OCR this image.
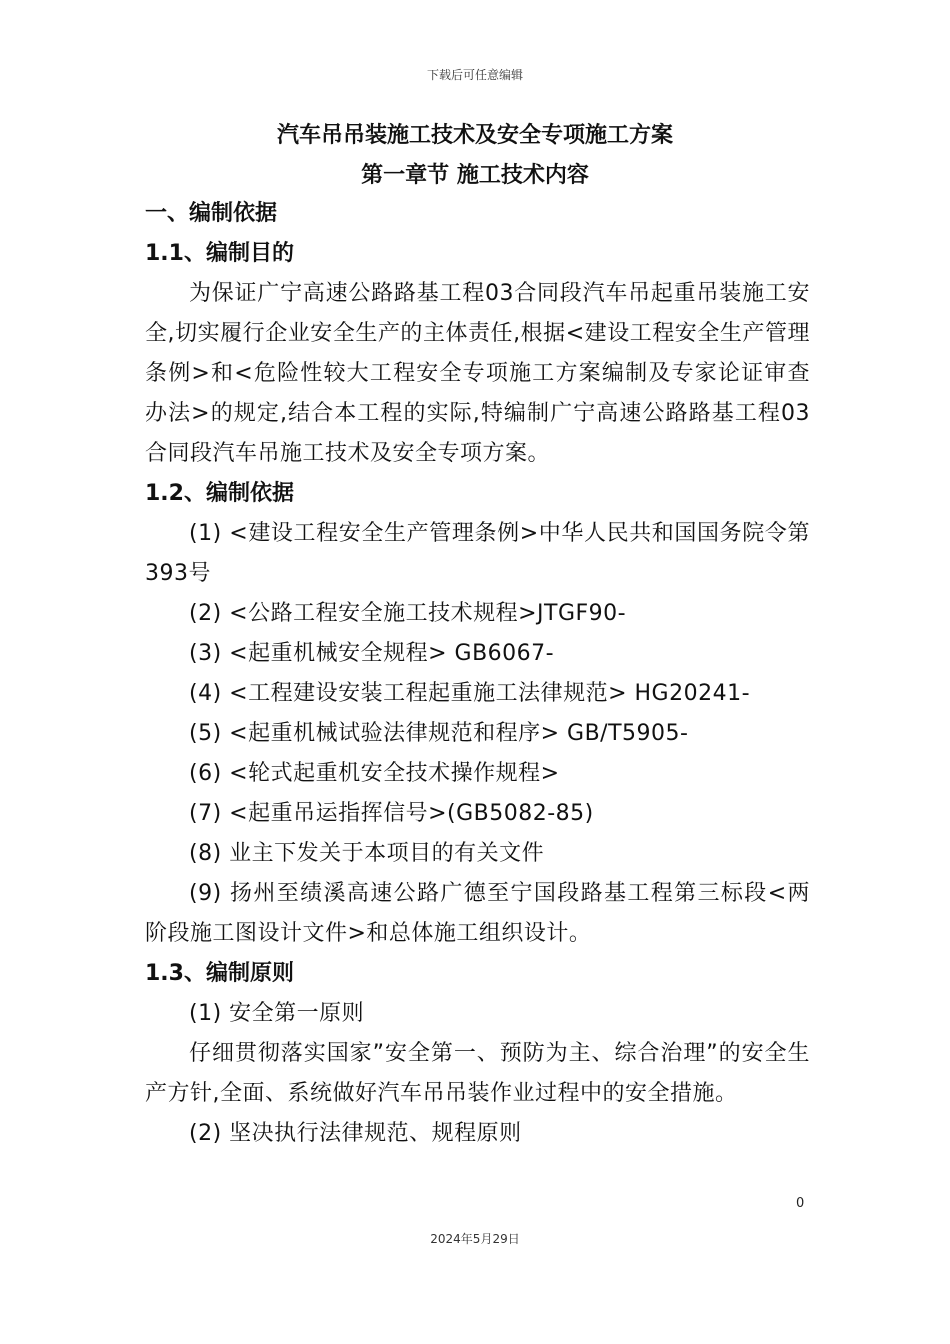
下载后可任意编辑
汽车吊吊装施工技术及安全专项施工方案
第一章节 施工技术内容
一、编制依据
1.1、编制目的

为保证广宁高速公路路基工程03合同段汽车吊起重吊装施工安全,切实履行企业安全生产的主体责任,根据<建设工程安全生产管理条例>和<危险性较大工程安全专项施工方案编制及专家论证审查办法>的规定,结合本工程的实际,特编制广宁高速公路路基工程03合同段汽车吊施工技术及安全专项方案。

1.2、编制依据

(1) <建设工程安全生产管理条例>中华人民共和国国务院令第393号

(2) <公路工程安全施工技术规程>JTGF90-

(3) <起重机械安全规程> GB6067-

(4) <工程建设安装工程起重施工法律规范> HG20241-

(5) <起重机械试验法律规范和程序> GB/T5905-

(6) <轮式起重机安全技术操作规程>

(7) <起重吊运指挥信号>(GB5082-85)

(8) 业主下发关于本项目的有关文件

(9) 扬州至绩溪高速公路广德至宁国段路基工程第三标段<两阶段施工图设计文件>和总体施工组织设计。

1.3、编制原则

(1) 安全第一原则

仔细贯彻落实国家”安全第一、预防为主、综合治理”的安全生产方针,全面、系统做好汽车吊吊装作业过程中的安全措施。

(2) 坚决执行法律规范、规程原则

0
2024年5月29日
